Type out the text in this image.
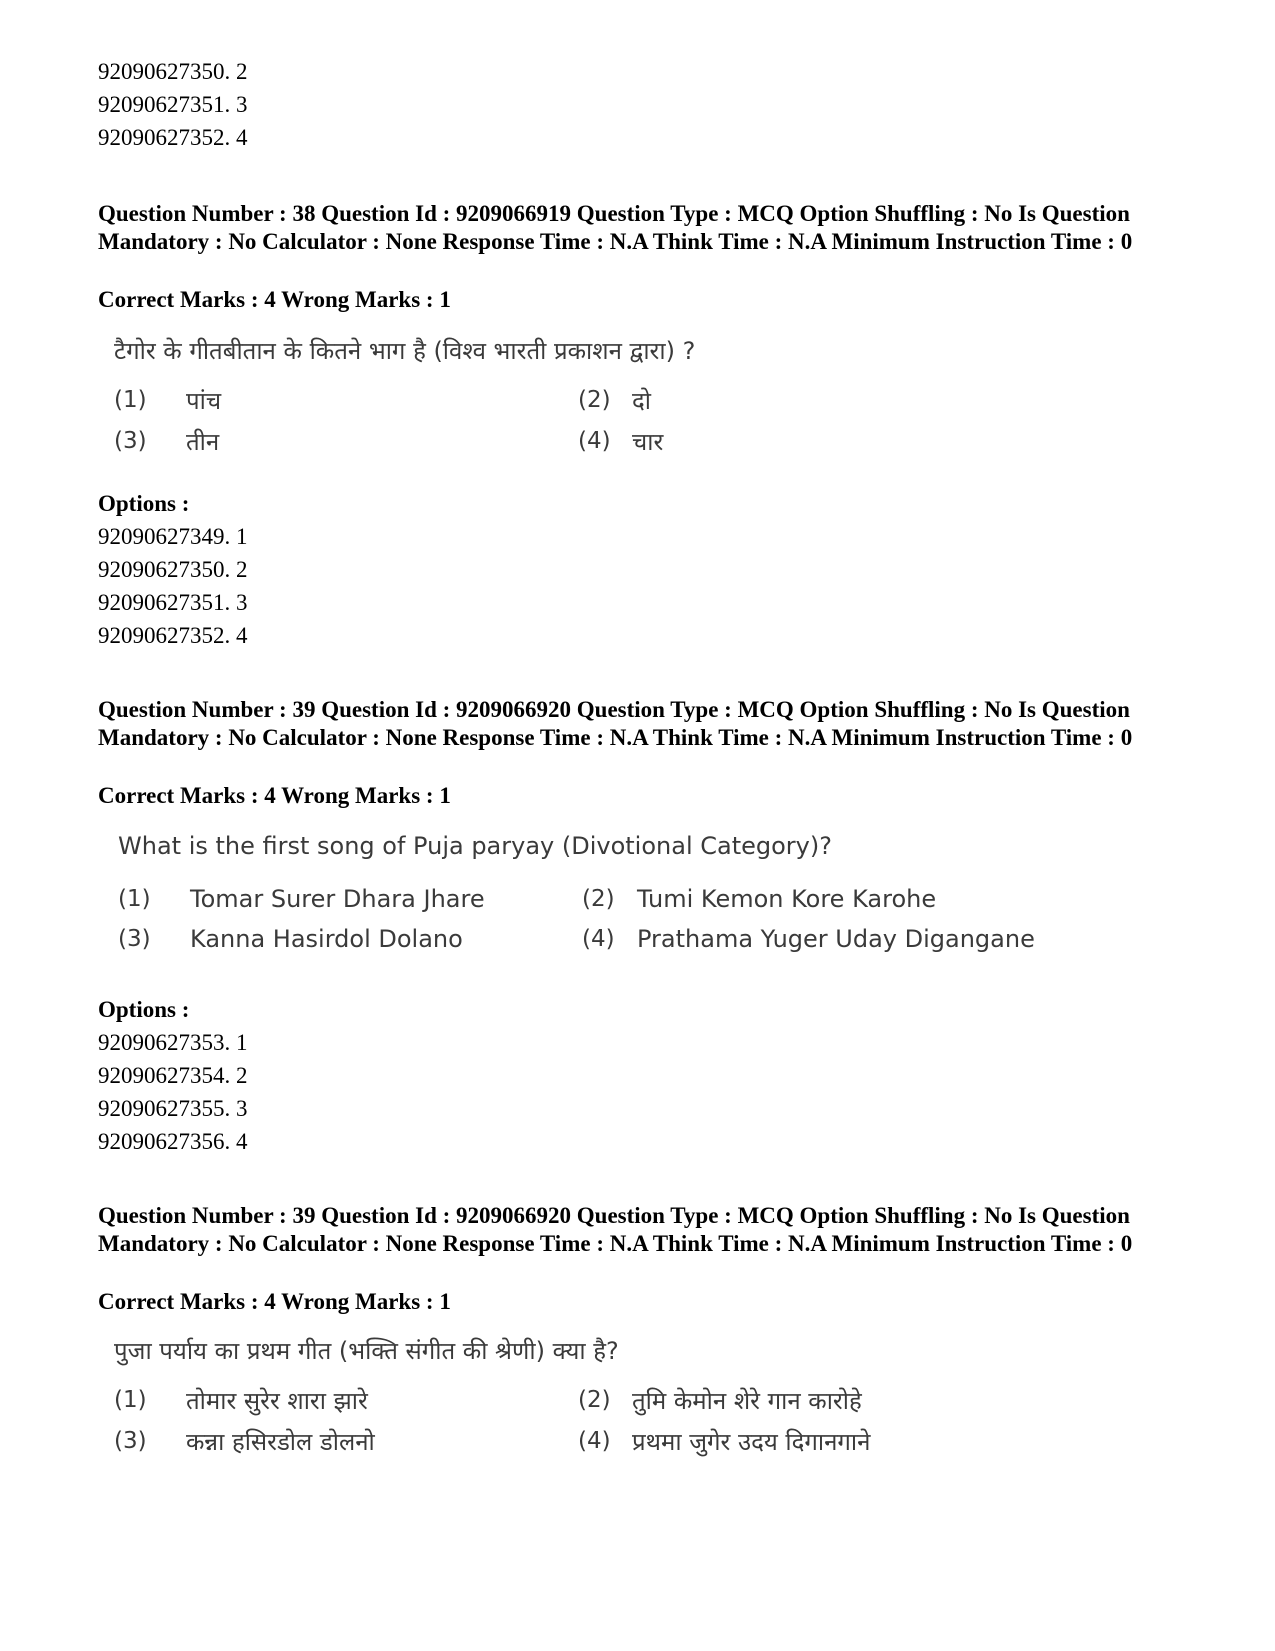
92090627350. 2
92090627351. 3
92090627352. 4
Question Number : 38 Question Id : 9209066919 Question Type : MCQ Option Shuffling : No Is Question Mandatory : No Calculator : None Response Time : N.A Think Time : N.A Minimum Instruction Time : 0
Correct Marks : 4 Wrong Marks : 1
टैगोर के गीतबीतान के कितने भाग है (विश्व भारती प्रकाशन द्वारा) ?
(1) पांच	(2) दो
(3) तीन	(4) चार
Options :
92090627349. 1
92090627350. 2
92090627351. 3
92090627352. 4
Question Number : 39 Question Id : 9209066920 Question Type : MCQ Option Shuffling : No Is Question Mandatory : No Calculator : None Response Time : N.A Think Time : N.A Minimum Instruction Time : 0
Correct Marks : 4 Wrong Marks : 1
What is the first song of Puja paryay (Divotional Category)?
(1) Tomar Surer Dhara Jhare	(2) Tumi Kemon Kore Karohe
(3) Kanna Hasirdol Dolano	(4) Prathama Yuger Uday Digangane
Options :
92090627353. 1
92090627354. 2
92090627355. 3
92090627356. 4
Question Number : 39 Question Id : 9209066920 Question Type : MCQ Option Shuffling : No Is Question Mandatory : No Calculator : None Response Time : N.A Think Time : N.A Minimum Instruction Time : 0
Correct Marks : 4 Wrong Marks : 1
पुजा पर्याय का प्रथम गीत (भक्ति संगीत की श्रेणी) क्या है?
(1) तोमार सुरेर शारा झारे	(2) तुमि केमोन शेरे गान कारोहे
(3) कन्ना हसिरडोल डोलनो	(4) प्रथमा जुगेर उदय दिगानगाने
